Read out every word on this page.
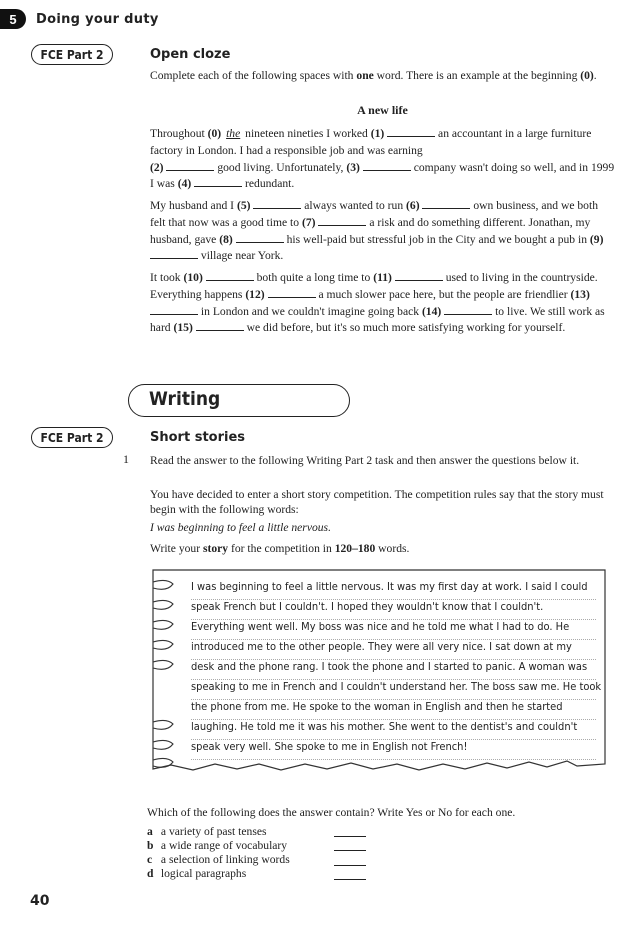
5	Doing your duty
FCE Part 2	Open cloze
Complete each of the following spaces with one word. There is an example at the beginning (0).
A new life
Throughout (0) the nineteen nineties I worked (1)	an accountant in a large furniture factory in London. I had a responsible job and was earning
(2)	good living. Unfortunately, (3)	company wasn't doing so well, and in 1999 I was (4)	redundant.
My husband and I (5)	always wanted to run (6)	own business, and we both felt that now was a good time to (7)	a risk and do something different. Jonathan, my husband, gave (8)	his well-paid but stressful job in the City and we bought a pub in (9)  village near York.
It took (10)	both quite a long time to (11)	used to living in the countryside. Everything happens (12)	a much slower pace here, but the people are friendlier (13)  in London and we couldn't imagine going back (14)	to live. We still work as hard (15)	we did before, but it's so much more satisfying working for yourself.
Writing
FCE Part 2	Short stories
1 Read the answer to the following Writing Part 2 task and then answer the questions below it.
You have decided to enter a short story competition. The competition rules say that the story must begin with the following words:
I was beginning to feel a little nervous.
Write your story for the competition in 120–180 words.
I was beginning to feel a little nervous. It was my first day at work. I said I could
speak French but I couldn't. I hoped they wouldn't know that I couldn't.
Everything went well. My boss was nice and he told me what I had to do. He
introduced me to the other people. They were all very nice. I sat down at my
desk and the phone rang. I took the phone and I started to panic. A woman was
speaking to me in French and I couldn't understand her. The boss saw me. He took
the phone from me. He spoke to the woman in English and then he started
laughing. He told me it was his mother. She went to the dentist's and couldn't
speak very well. She spoke to me in English not French!
Which of the following does the answer contain? Write Yes or No for each one.
a a variety of past tenses
b a wide range of vocabulary
c a selection of linking words
d logical paragraphs
40
